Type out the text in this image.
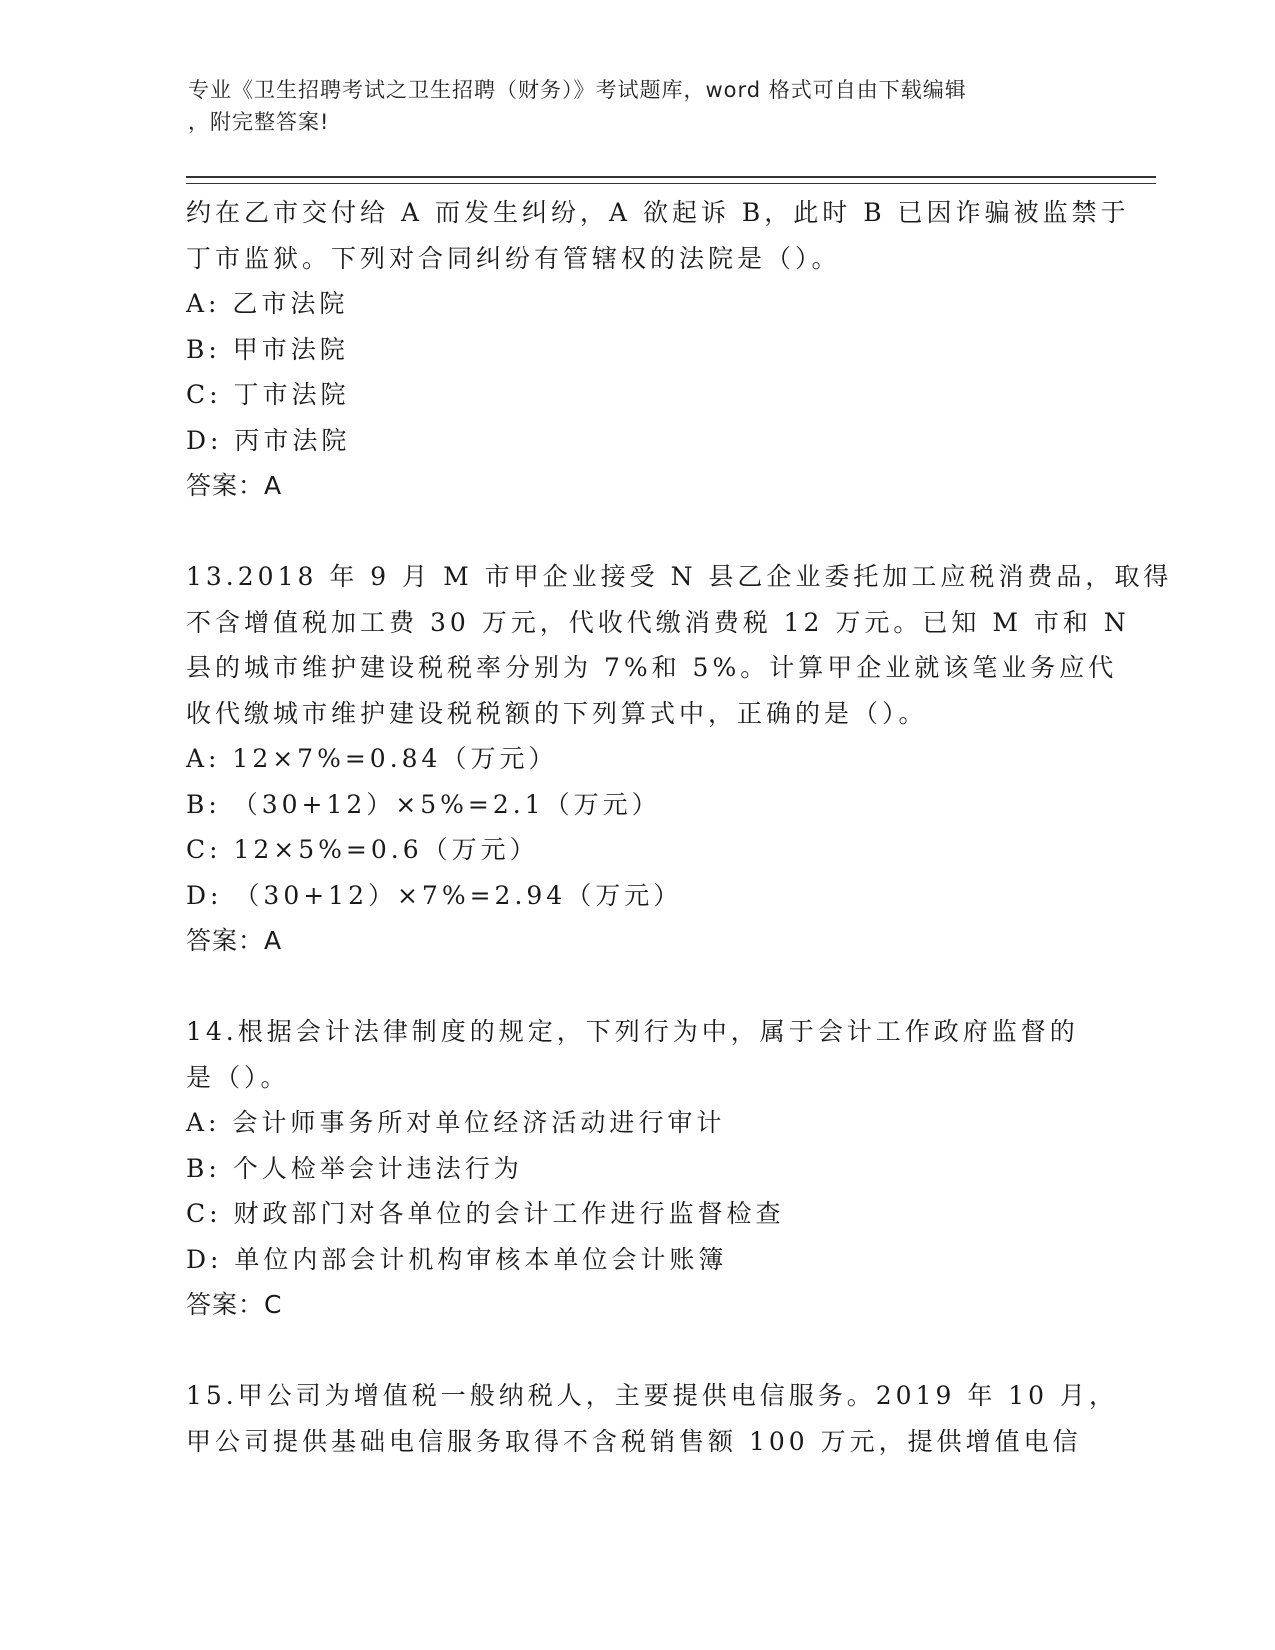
专业《卫生招聘考试之卫生招聘（财务）》考试题库，word 格式可自由下载编辑
，附完整答案!
约在乙市交付给 A 而发生纠纷，A 欲起诉 B，此时 B 已因诈骗被监禁于
丁市监狱。下列对合同纠纷有管辖权的法院是（）。
A: 乙市法院
B: 甲市法院
C: 丁市法院
D: 丙市法院
答案：A
13.2018 年 9 月 M 市甲企业接受 N 县乙企业委托加工应税消费品，取得
不含增值税加工费 30 万元，代收代缴消费税 12 万元。已知 M 市和 N
县的城市维护建设税税率分别为 7%和 5%。计算甲企业就该笔业务应代
收代缴城市维护建设税税额的下列算式中，正确的是（）。
A: 12×7%=0.84（万元）
B: （30+12）×5%=2.1（万元）
C: 12×5%=0.6（万元）
D: （30+12）×7%=2.94（万元）
答案：A
14.根据会计法律制度的规定，下列行为中，属于会计工作政府监督的
是（）。
A: 会计师事务所对单位经济活动进行审计
B: 个人检举会计违法行为
C: 财政部门对各单位的会计工作进行监督检查
D: 单位内部会计机构审核本单位会计账簿
答案：C
15.甲公司为增值税一般纳税人，主要提供电信服务。2019 年 10 月，
甲公司提供基础电信服务取得不含税销售额 100 万元，提供增值电信
